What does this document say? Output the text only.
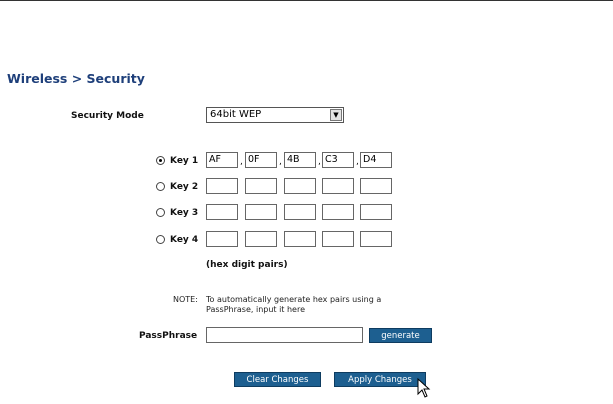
Wireless > Security
Security Mode	64bit WEP	▼
Key 1	AF	, 0F	, 4B	, C3	, D4
Key 2
Key 3
Key 4
(hex digit pairs)
NOTE: To automatically generate hex pairs using a
PassPhrase, input it here
PassPhrase	generate
Clear Changes	Apply Changes
